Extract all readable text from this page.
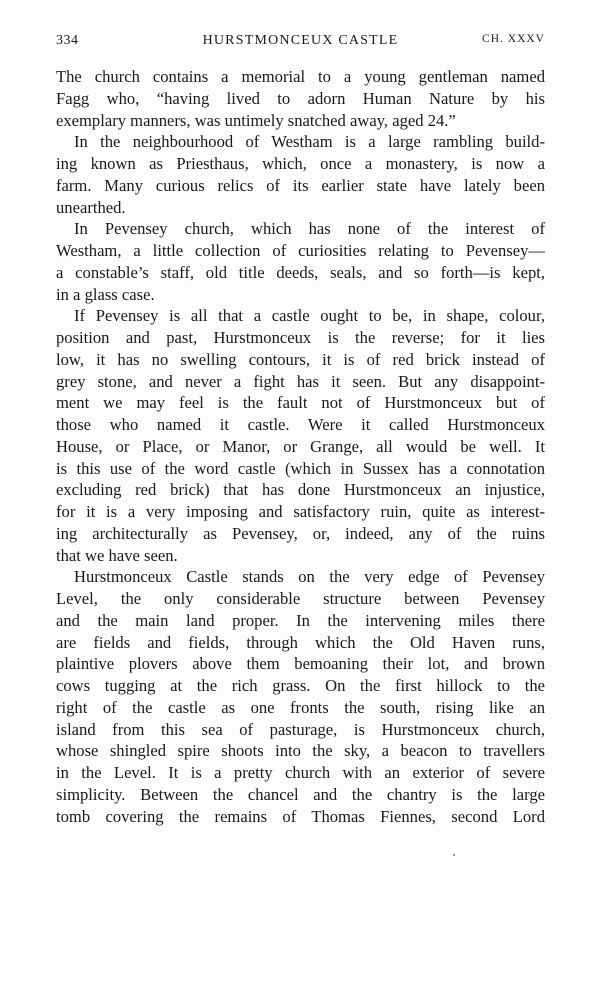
334	HURSTMONCEUX CASTLE	CH. XXXV
The church contains a memorial to a young gentleman named
Fagg who, “having lived to adorn Human Nature by his
exemplary manners, was untimely snatched away, aged 24.”
In the neighbourhood of Westham is a large rambling build-
ing known as Priesthaus, which, once a monastery, is now a
farm. Many curious relics of its earlier state have lately been
unearthed.
In Pevensey church, which has none of the interest of
Westham, a little collection of curiosities relating to Pevensey—
a constable’s staff, old title deeds, seals, and so forth—is kept,
in a glass case.
If Pevensey is all that a castle ought to be, in shape, colour,
position and past, Hurstmonceux is the reverse; for it lies
low, it has no swelling contours, it is of red brick instead of
grey stone, and never a fight has it seen. But any disappoint-
ment we may feel is the fault not of Hurstmonceux but of
those who named it castle. Were it called Hurstmonceux
House, or Place, or Manor, or Grange, all would be well. It
is this use of the word castle (which in Sussex has a connotation
excluding red brick) that has done Hurstmonceux an injustice,
for it is a very imposing and satisfactory ruin, quite as interest-
ing architecturally as Pevensey, or, indeed, any of the ruins
that we have seen.
Hurstmonceux Castle stands on the very edge of Pevensey
Level, the only considerable structure between Pevensey
and the main land proper. In the intervening miles there
are fields and fields, through which the Old Haven runs,
plaintive plovers above them bemoaning their lot, and brown
cows tugging at the rich grass. On the first hillock to the
right of the castle as one fronts the south, rising like an
island from this sea of pasturage, is Hurstmonceux church,
whose shingled spire shoots into the sky, a beacon to travellers
in the Level. It is a pretty church with an exterior of severe
simplicity. Between the chancel and the chantry is the large
tomb covering the remains of Thomas Fiennes, second Lord
